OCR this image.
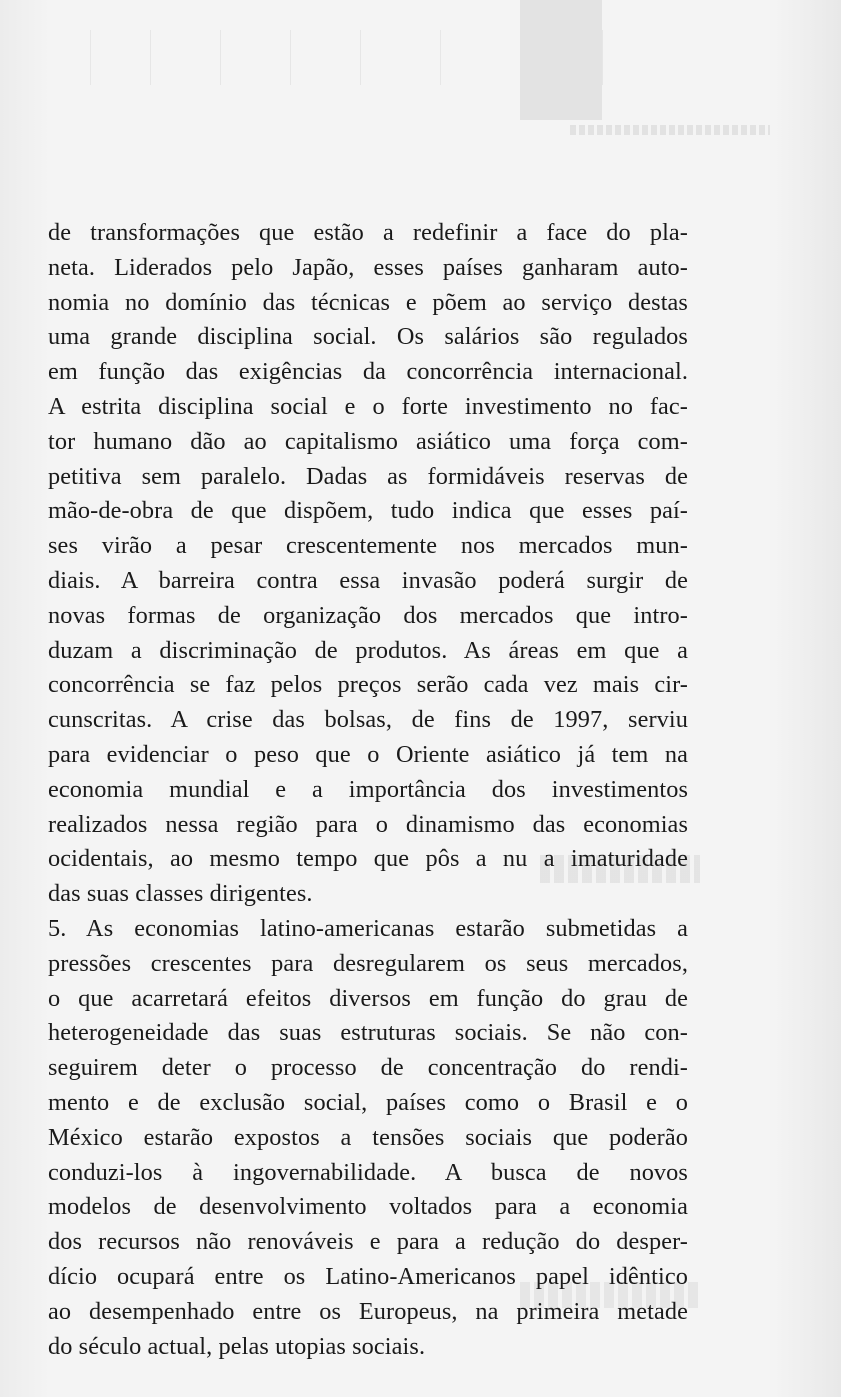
de transformações que estão a redefinir a face do pla-
neta. Liderados pelo Japão, esses países ganharam auto-
nomia no domínio das técnicas e põem ao serviço destas
uma grande disciplina social. Os salários são regulados
em função das exigências da concorrência internacional.
A estrita disciplina social e o forte investimento no fac-
tor humano dão ao capitalismo asiático uma força com-
petitiva sem paralelo. Dadas as formidáveis reservas de
mão-de-obra de que dispõem, tudo indica que esses paí-
ses virão a pesar crescentemente nos mercados mun-
diais. A barreira contra essa invasão poderá surgir de
novas formas de organização dos mercados que intro-
duzam a discriminação de produtos. As áreas em que a
concorrência se faz pelos preços serão cada vez mais cir-
cunscritas. A crise das bolsas, de fins de 1997, serviu
para evidenciar o peso que o Oriente asiático já tem na
economia mundial e a importância dos investimentos
realizados nessa região para o dinamismo das economias
ocidentais, ao mesmo tempo que pôs a nu a imaturidade
das suas classes dirigentes.
5. As economias latino-americanas estarão submetidas a
pressões crescentes para desregularem os seus mercados,
o que acarretará efeitos diversos em função do grau de
heterogeneidade das suas estruturas sociais. Se não con-
seguirem deter o processo de concentração do rendi-
mento e de exclusão social, países como o Brasil e o
México estarão expostos a tensões sociais que poderão
conduzi-los à ingovernabilidade. A busca de novos
modelos de desenvolvimento voltados para a economia
dos recursos não renováveis e para a redução do desper-
dício ocupará entre os Latino-Americanos papel idêntico
ao desempenhado entre os Europeus, na primeira metade
do século actual, pelas utopias sociais.
